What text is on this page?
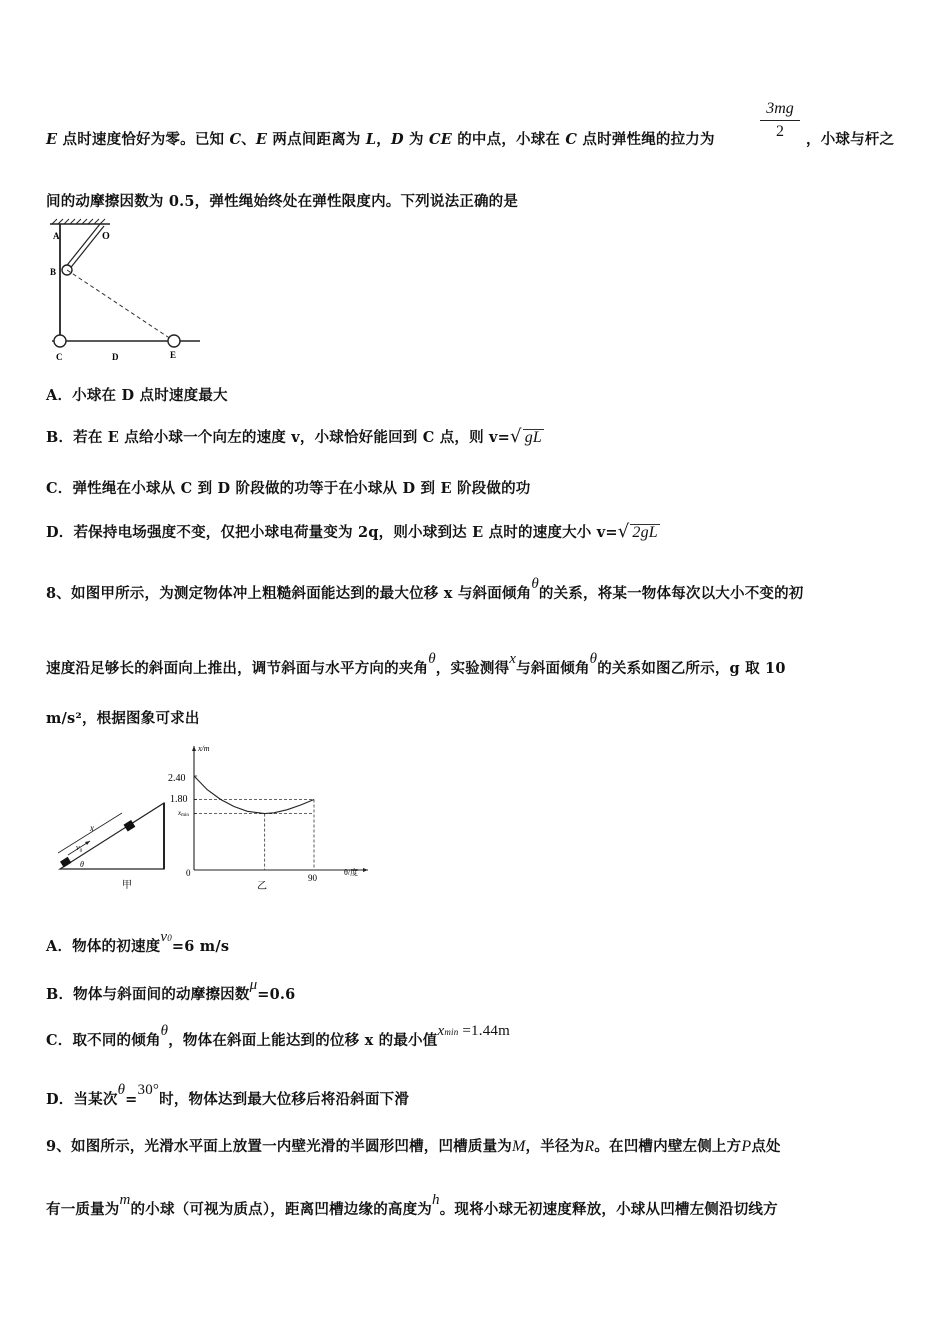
E 点时速度恰好为零。已知 C、E 两点间距离为 L，D 为 CE 的中点，小球在 C 点时弹性绳的拉力为	$\frac{3mg}{2}$ ，小球与杆之
间的动摩擦因数为 0.5，弹性绳始终处在弹性限度内。下列说法正确的是
A	O
B
C	D	E
A．小球在 D 点时速度最大
B．若在 E 点给小球一个向左的速度 v，小球恰好能回到 C 点，则 v=√ gL
C．弹性绳在小球从 C 到 D 阶段做的功等于在小球从 D 到 E 阶段做的功
D．若保持电场强度不变，仅把小球电荷量变为 2q，则小球到达 E 点时的速度大小 v=√ 2gL
8、如图甲所示，为测定物体冲上粗糙斜面能达到的最大位移 x 与斜面倾角θ的关系，将某一物体每次以大小不变的初
速度沿足够长的斜面向上推出，调节斜面与水平方向的夹角θ，实验测得x与斜面倾角θ的关系如图乙所示，g 取 10
m/s²，根据图象可求出
x
$v_0$
θ
甲
x/m
θ/度
0	90
2.40
1.80
xmin
乙
A．物体的初速度v0=6 m/s
B．物体与斜面间的动摩擦因数μ=0.6
C．取不同的倾角θ，物体在斜面上能达到的位移 x 的最小值xmin =1.44m
D．当某次θ=30°时，物体达到最大位移后将沿斜面下滑
9、如图所示，光滑水平面上放置一内壁光滑的半圆形凹槽，凹槽质量为M，半径为R。在凹槽内壁左侧上方P点处
有一质量为m的小球（可视为质点），距离凹槽边缘的高度为h。现将小球无初速度释放，小球从凹槽左侧沿切线方
